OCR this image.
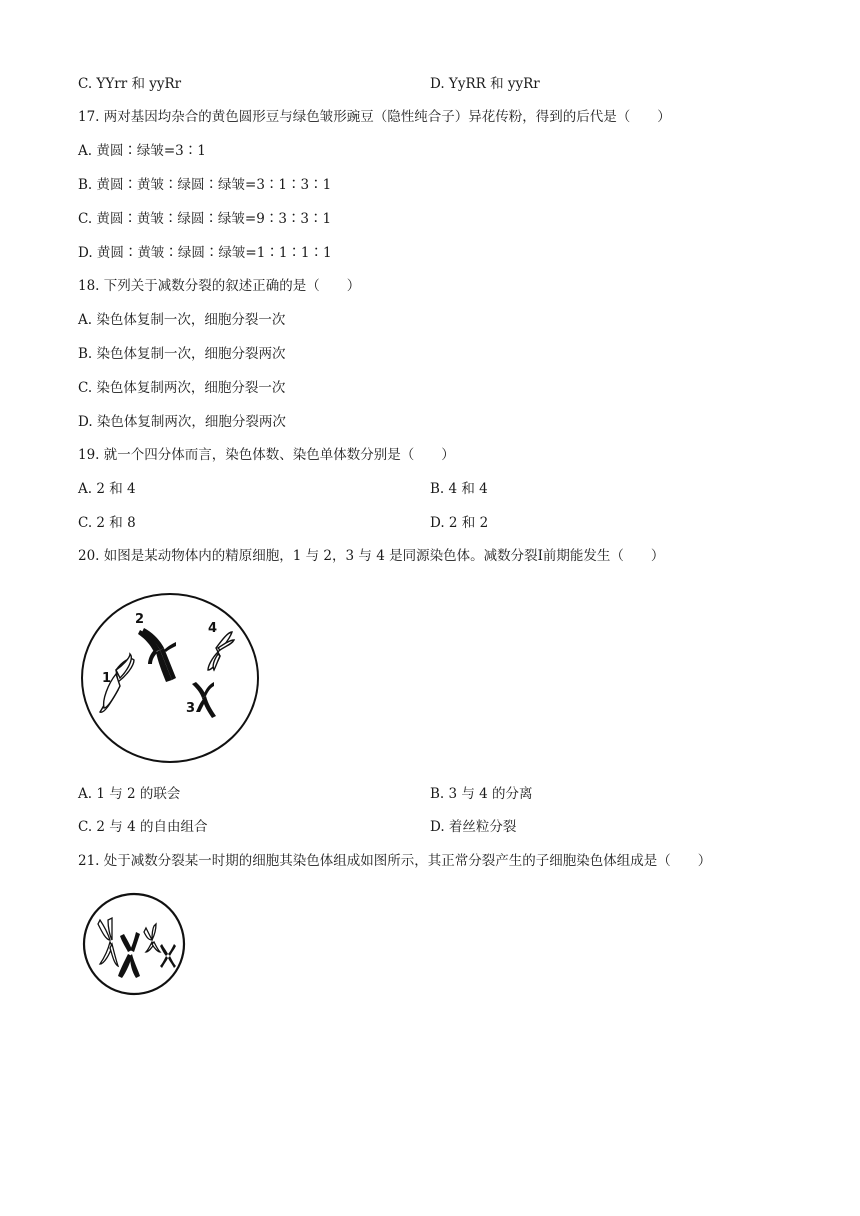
C. YYrr 和 yyRr	D. YyRR 和 yyRr
17. 两对基因均杂合的黄色圆形豆与绿色皱形豌豆（隐性纯合子）异花传粉，得到的后代是（　　）
A. 黄圆∶绿皱=3∶1
B. 黄圆∶黄皱∶绿圆∶绿皱=3∶1∶3∶1
C. 黄圆∶黄皱∶绿圆∶绿皱=9∶3∶3∶1
D. 黄圆∶黄皱∶绿圆∶绿皱=1∶1∶1∶1
18. 下列关于减数分裂的叙述正确的是（　　）
A. 染色体复制一次，细胞分裂一次
B. 染色体复制一次，细胞分裂两次
C. 染色体复制两次，细胞分裂一次
D. 染色体复制两次，细胞分裂两次
19. 就一个四分体而言，染色体数、染色单体数分别是（　　）
A. 2 和 4	B. 4 和 4
C. 2 和 8	D. 2 和 2
20. 如图是某动物体内的精原细胞，1 与 2，3 与 4 是同源染色体。减数分裂Ⅰ前期能发生（　　）
2
4
1
3
A. 1 与 2 的联会	B. 3 与 4 的分离
C. 2 与 4 的自由组合	D. 着丝粒分裂
21. 处于减数分裂某一时期的细胞其染色体组成如图所示，其正常分裂产生的子细胞染色体组成是（　　）
